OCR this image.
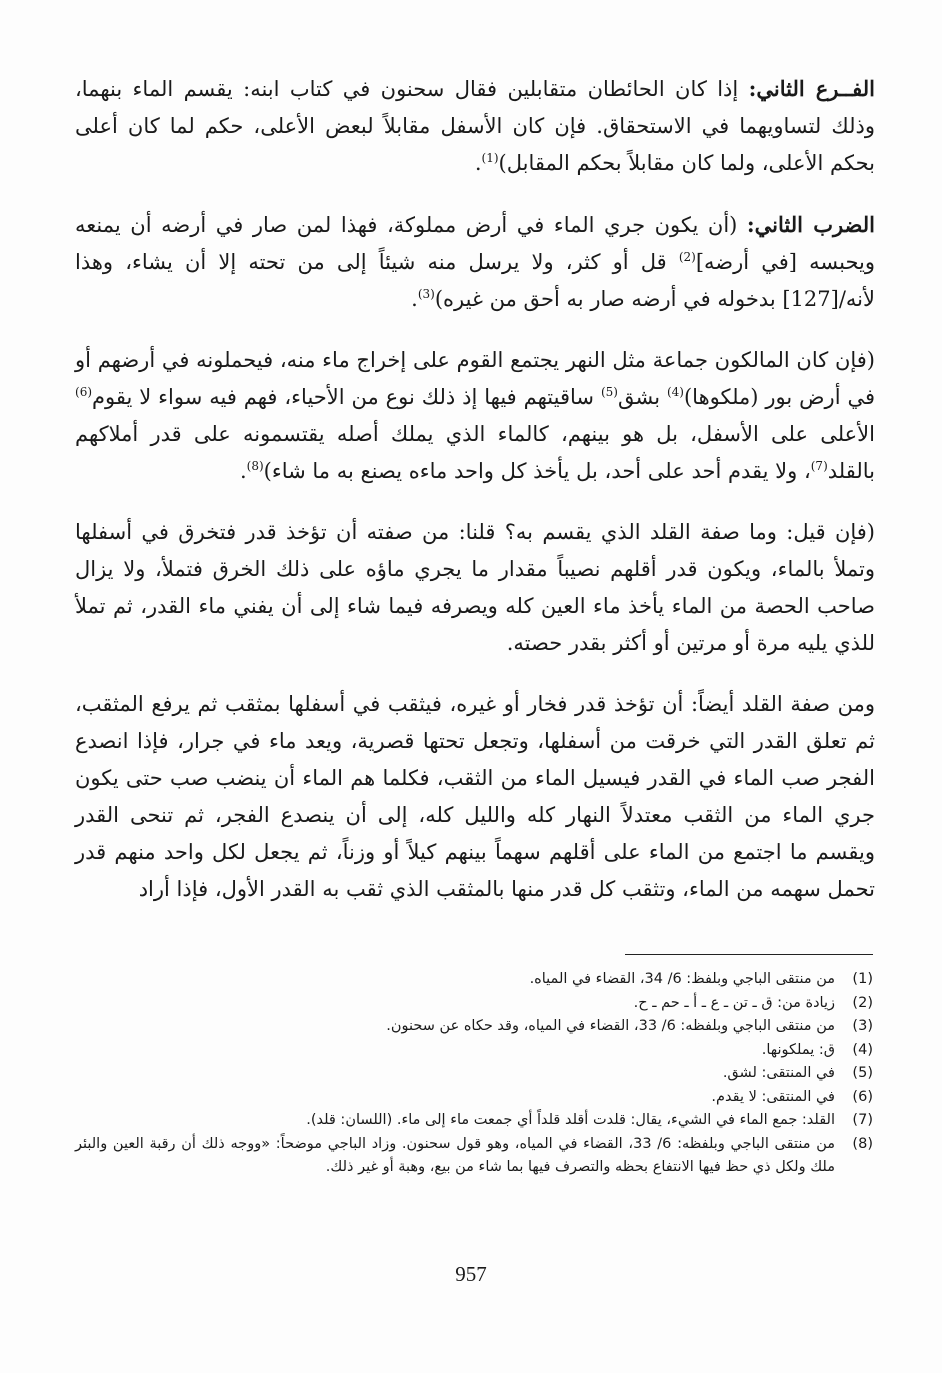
الفــرع الثاني: إذا كان الحائطان متقابلين فقال سحنون في كتاب ابنه: يقسم الماء بنهما، وذلك لتساويهما في الاستحقاق. فإن كان الأسفل مقابلاً لبعض الأعلى، حكم لما كان أعلى بحكم الأعلى، ولما كان مقابلاً بحكم المقابل)$^{(1)}$.

الضرب الثاني: (أن يكون جري الماء في أرض مملوكة، فهذا لمن صار في أرضه أن يمنعه ويحبسه [في أرضه]$^{(2)}$ قل أو كثر، ولا يرسل منه شيئاً إلى من تحته إلا أن يشاء، وهذا لأنه/[127] بدخوله في أرضه صار به أحق من غيره)$^{(3)}$.

(فإن كان المالكون جماعة مثل النهر يجتمع القوم على إخراج ماء منه، فيحملونه في أرضهم أو في أرض بور (ملكوها)$^{(4)}$ بشق$^{(5)}$ ساقيتهم فيها إذ ذلك نوع من الأحياء، فهم فيه سواء لا يقوم$^{(6)}$ الأعلى على الأسفل، بل هو بينهم، كالماء الذي يملك أصله يقتسمونه على قدر أملاكهم بالقلد$^{(7)}$، ولا يقدم أحد على أحد، بل يأخذ كل واحد ماءه يصنع به ما شاء)$^{(8)}$.

(فإن قيل: وما صفة القلد الذي يقسم به؟ قلنا: من صفته أن تؤخذ قدر فتخرق في أسفلها وتملأ بالماء، ويكون قدر أقلهم نصيباً مقدار ما يجري ماؤه على ذلك الخرق فتملأ، ولا يزال صاحب الحصة من الماء يأخذ ماء العين كله ويصرفه فيما شاء إلى أن يفني ماء القدر، ثم تملأ للذي يليه مرة أو مرتين أو أكثر بقدر حصته.

ومن صفة القلد أيضاً: أن تؤخذ قدر فخار أو غيره، فيثقب في أسفلها بمثقب ثم يرفع المثقب، ثم تعلق القدر التي خرقت من أسفلها، وتجعل تحتها قصرية، ويعد ماء في جرار، فإذا انصدع الفجر صب الماء في القدر فيسيل الماء من الثقب، فكلما هم الماء أن ينضب صب حتى يكون جري الماء من الثقب معتدلاً النهار كله والليل كله، إلى أن ينصدع الفجر، ثم تنحى القدر ويقسم ما اجتمع من الماء على أقلهم سهماً بينهم كيلاً أو وزناً، ثم يجعل لكل واحد منهم قدر تحمل سهمه من الماء، وتثقب كل قدر منها بالمثقب الذي ثقب به القدر الأول، فإذا أراد

(1)
من منتقى الباجي وبلفظ: 6/ 34، القضاء في المياه.
(2)
زيادة من: ق ـ تن ـ ع ـ أ ـ حم ـ ح.
(3)
من منتقى الباجي وبلفظه: 6/ 33، القضاء في المياه، وقد حكاه عن سحنون.
(4)
ق: يملكونها.
(5)
في المنتقى: لشق.
(6)
في المنتقى: لا يقدم.
(7)
القلد: جمع الماء في الشيء، يقال: قلدت أقلد قلداً أي جمعت ماء إلى ماء. (اللسان: قلد).
(8)
من منتقى الباجي وبلفظه: 6/ 33، القضاء في المياه، وهو قول سحنون. وزاد الباجي موضحاً: «ووجه ذلك أن رقبة العين والبئر ملك ولكل ذي حظ فيها الانتفاع بحظه والتصرف فيها بما شاء من بيع، وهبة أو غير ذلك.
957
